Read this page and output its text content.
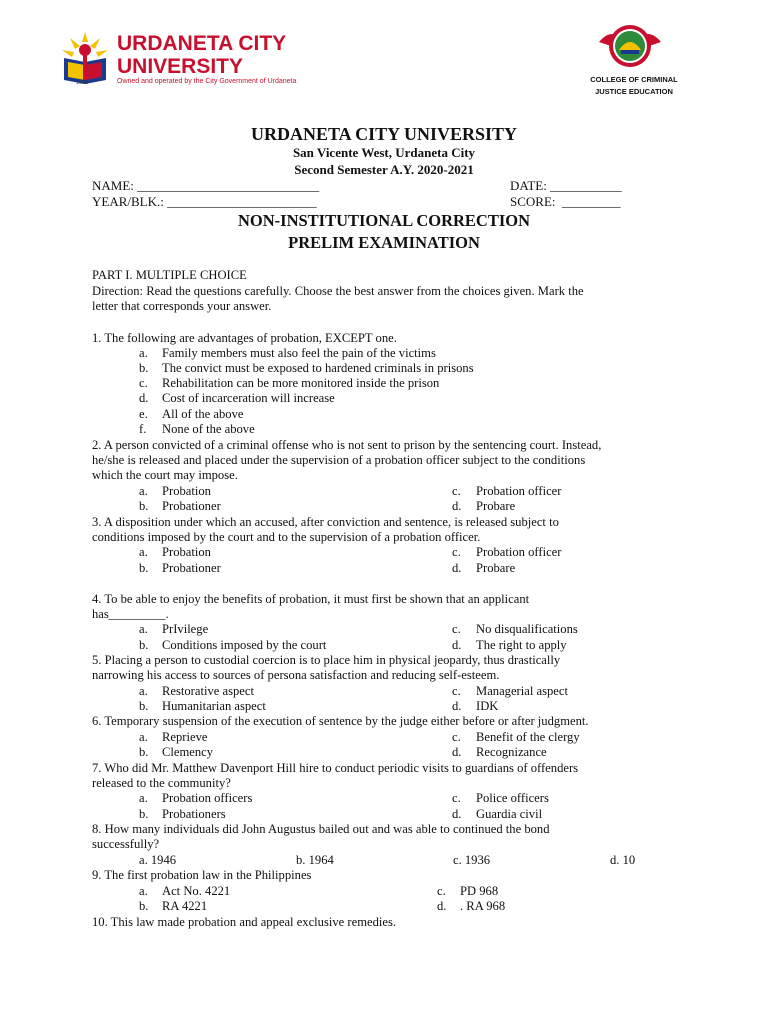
URDANETA CITY
UNIVERSITY
1966	Owned and operated by the City Government of Urdaneta	COLLEGE OF CRIMINAL
JUSTICE EDUCATION
URDANETA CITY UNIVERSITY
San Vicente West, Urdaneta City
Second Semester A.Y. 2020-2021
NAME: ____________________________	DATE: ___________
YEAR/BLK.: _______________________	SCORE:  _________
NON-INSTITUTIONAL CORRECTION
PRELIM EXAMINATION
PART I. MULTIPLE CHOICE
Direction: Read the questions carefully. Choose the best answer from the choices given. Mark the
letter that corresponds your answer.
1. The following are advantages of probation, EXCEPT one.
a. Family members must also feel the pain of the victims
b. The convict must be exposed to hardened criminals in prisons
c. Rehabilitation can be more monitored inside the prison
d. Cost of incarceration will increase
e. All of the above
f. None of the above
2. A person convicted of a criminal offense who is not sent to prison by the sentencing court. Instead,
he/she is released and placed under the supervision of a probation officer subject to the conditions
which the court may impose.
a. Probation	c. Probation officer
b. Probationer	d. Probare
3. A disposition under which an accused, after conviction and sentence, is released subject to
conditions imposed by the court and to the supervision of a probation officer.
a. Probation	c. Probation officer
b. Probationer	d. Probare
4. To be able to enjoy the benefits of probation, it must first be shown that an applicant
has_________.
a. PrIvilege	c. No disqualifications
b. Conditions imposed by the court	d. The right to apply
5. Placing a person to custodial coercion is to place him in physical jeopardy, thus drastically
narrowing his access to sources of persona satisfaction and reducing self-esteem.
a. Restorative aspect	c. Managerial aspect
b. Humanitarian aspect	d. IDK
6. Temporary suspension of the execution of sentence by the judge either before or after judgment.
a. Reprieve	c. Benefit of the clergy
b. Clemency	d. Recognizance
7. Who did Mr. Matthew Davenport Hill hire to conduct periodic visits to guardians of offenders
released to the community?
a. Probation officers	c. Police officers
b. Probationers	d. Guardia civil
8. How many individuals did John Augustus bailed out and was able to continued the bond
successfully?
a. 1946	b. 1964	c. 1936	d. 10
9. The first probation law in the Philippines
a. Act No. 4221	c. PD 968
b. RA 4221	d. . RA 968
10. This law made probation and appeal exclusive remedies.
